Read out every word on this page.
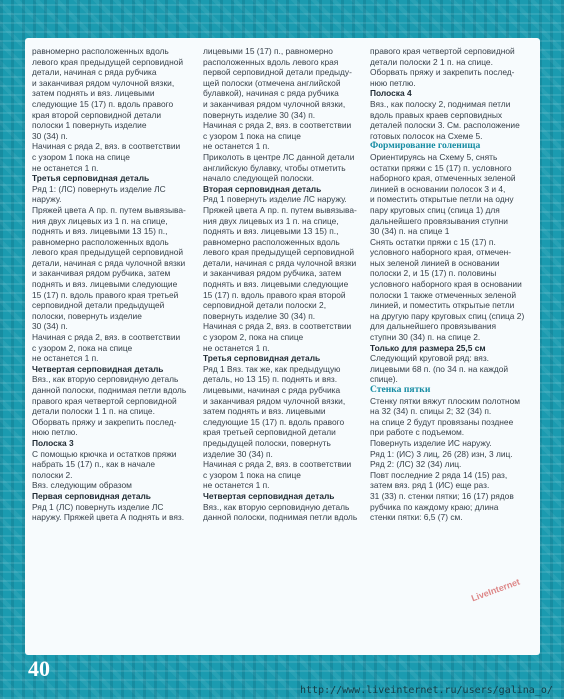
равномерно расположенных вдоль
левого края предыдущей серповидной
детали, начиная с ряда рубчика
и заканчивая рядом чулочной вязки,
затем поднять и вяз. лицевыми
следующие 15 (17) п. вдоль правого
края второй серповидной детали
полоски 1 повернуть изделие
30 (34) п.
Начиная с ряда 2, вяз. в соответствии
с узором 1 пока на спице
не останется 1 п.
Третья серповидная деталь
Ряд 1: (ЛС) повернуть изделие ЛС
наружу.
Пряжей цвета А пр. п. путем вывязыва-
ния двух лицевых из 1 п. на спице,
поднять и вяз. лицевыми 13 15) п.,
равномерно расположенных вдоль
левого края предыдущей серповидной
детали, начиная с ряда чулочной вязки
и заканчивая рядом рубчика, затем
поднять и вяз. лицевыми следующие
15 (17) п. вдоль правого края третьей
серповидной детали предыдущей
полоски, повернуть изделие
30 (34) п.
Начиная с ряда 2, вяз. в соответствии
с узором 2, пока на спице
не останется 1 п.
Четвертая серповидная деталь
Вяз., как вторую серповидную деталь
данной полоски, поднимая петли вдоль
правого края четвертой серповидной
детали полоски 1 1 п. на спице.
Оборвать пряжу и закрепить послед-
нюю петлю.
Полоска 3
С помощью крючка и остатков пряжи
набрать 15 (17) п., как в начале
полоски 2.
Вяз. следующим образом
Первая серповидная деталь
Ряд 1 (ЛС) повернуть изделие ЛС
наружу. Пряжей цвета А поднять и вяз.
лицевыми 15 (17) п., равномерно
расположенных вдоль левого края
первой серповидной детали предыду-
щей полоски (отмечена английской
булавкой), начиная с ряда рубчика
и заканчивая рядом чулочной вязки,
повернуть изделие 30 (34) п.
Начиная с ряда 2, вяз. в соответствии
с узором 1 пока на спице
не останется 1 п.
Приколоть в центре ЛС данной детали
английскую булавку, чтобы отметить
начало следующей полоски.
Вторая серповидная деталь
Ряд 1 повернуть изделие ЛС наружу.
Пряжей цвета А пр. п. путем вывязыва-
ния двух лицевых из 1 п. на спице,
поднять и вяз. лицевыми 13 15) п.,
равномерно расположенных вдоль
левого края предыдущей серповидной
детали, начиная с ряда чулочной вязки
и заканчивая рядом рубчика, затем
поднять и вяз. лицевыми следующие
15 (17) п. вдоль правого края второй
серповидной детали полоски 2,
повернуть изделие 30 (34) п.
Начиная с ряда 2, вяз. в соответствии
с узором 2, пока на спице
не останется 1 п.
Третья серповидная деталь
Ряд 1 Вяз. так же, как предыдущую
деталь, но 13 15) п. поднять и вяз.
лицевыми, начиная с ряда рубчика
и заканчивая рядом чулочной вязки,
затем поднять и вяз. лицевыми
следующие 15 (17) п. вдоль правого
края третьей серповидной детали
предыдущей полоски, повернуть
изделие 30 (34) п.
Начиная с ряда 2, вяз. в соответствии
с узором 1 пока на спице
не останется 1 п.
Четвертая серповидная деталь
Вяз., как вторую серповидную деталь
данной полоски, поднимая петли вдоль
правого края четвертой серповидной
детали полоски 2 1 п. на спице.
Оборвать пряжу и закрепить послед-
нюю петлю.
Полоска 4
Вяз., как полоску 2, поднимая петли
вдоль правых краев серповидных
деталей полоски 3. См. расположение
готовых полосок на Схеме 5.
Формирование голенища
Ориентируясь на Схему 5, снять
остатки пряжи с 15 (17) п. условного
наборного края, отмеченных зеленой
линией в основании полосок 3 и 4,
и поместить открытые петли на одну
пару круговых спиц (спица 1) для
дальнейшего провязывания ступни
30 (34) п. на спице 1
Снять остатки пряжи с 15 (17) п.
условного наборного края, отмечен-
ных зеленой линией в основании
полоски 2, и 15 (17) п. половины
условного наборного края в основании
полоски 1 также отмеченных зеленой
линией, и поместить открытые петли
на другую пару круговых спиц (спица 2)
для дальнейшего провязывания
ступни 30 (34) п. на спице 2.
Только для размера 25,5 см
Следующий круговой ряд: вяз.
лицевыми 68 п. (по 34 п. на каждой
спице).
Стенка пятки
Стенку пятки вяжут плоским полотном
на 32 (34) п. спицы 2; 32 (34) п.
на спице 2 будут провязаны позднее
при работе с подъемом.
Повернуть изделие ИС наружу.
Ряд 1: (ИС) 3 лиц, 26 (28) изн, 3 лиц.
Ряд 2: (ЛС) 32 (34) лиц.
Повт последние 2 ряда 14 (15) раз,
затем вяз. ряд 1 (ИС) еще раз.
31 (33) п. стенки пятки; 16 (17) рядов
рубчика по каждому краю; длина
стенки пятки: 6,5 (7) см.
40
LiveInternet
http://www.liveinternet.ru/users/galina_o/
